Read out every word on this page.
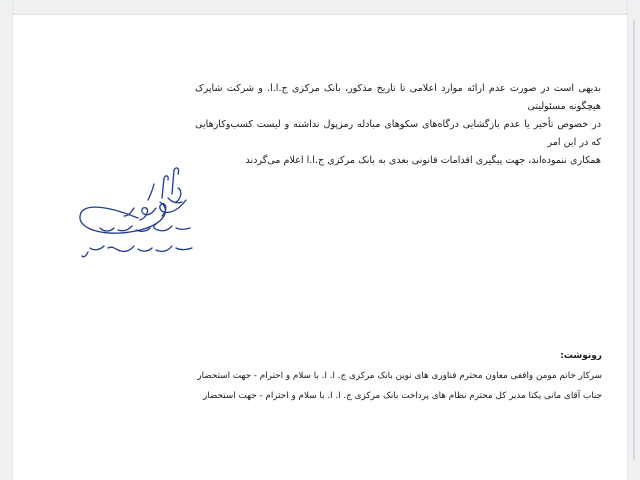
بدیهی است در صورت عدم ارائه موارد اعلامی تا تاریخ مذکور، بانک مرکزی ج.ا.ا. و شرکت شاپرک هیچگونه مسئولیتی
در خصوص تأخیر یا عدم بازگشایی درگاه‌های سکوهای مبادله رمزپول نداشته و لیست کسب‌وکارهایی که در این امر
همکاری ننموده‌اند، جهت پیگیری اقدامات قانونی بعدی به بانک مرکزی ج.ا.ا اعلام می‌گردند
رونوشت:
سرکار خانم مومن واقفی معاون محترم فناوری های نوین بانک مرکزی ج. ا. ا. با سلام و احترام - جهت استحضار
جناب آقای مانی یکتا مدیر کل محترم نظام های پرداخت بانک مرکزی ج. ا. ا. با سلام و احترام - جهت استحضار
